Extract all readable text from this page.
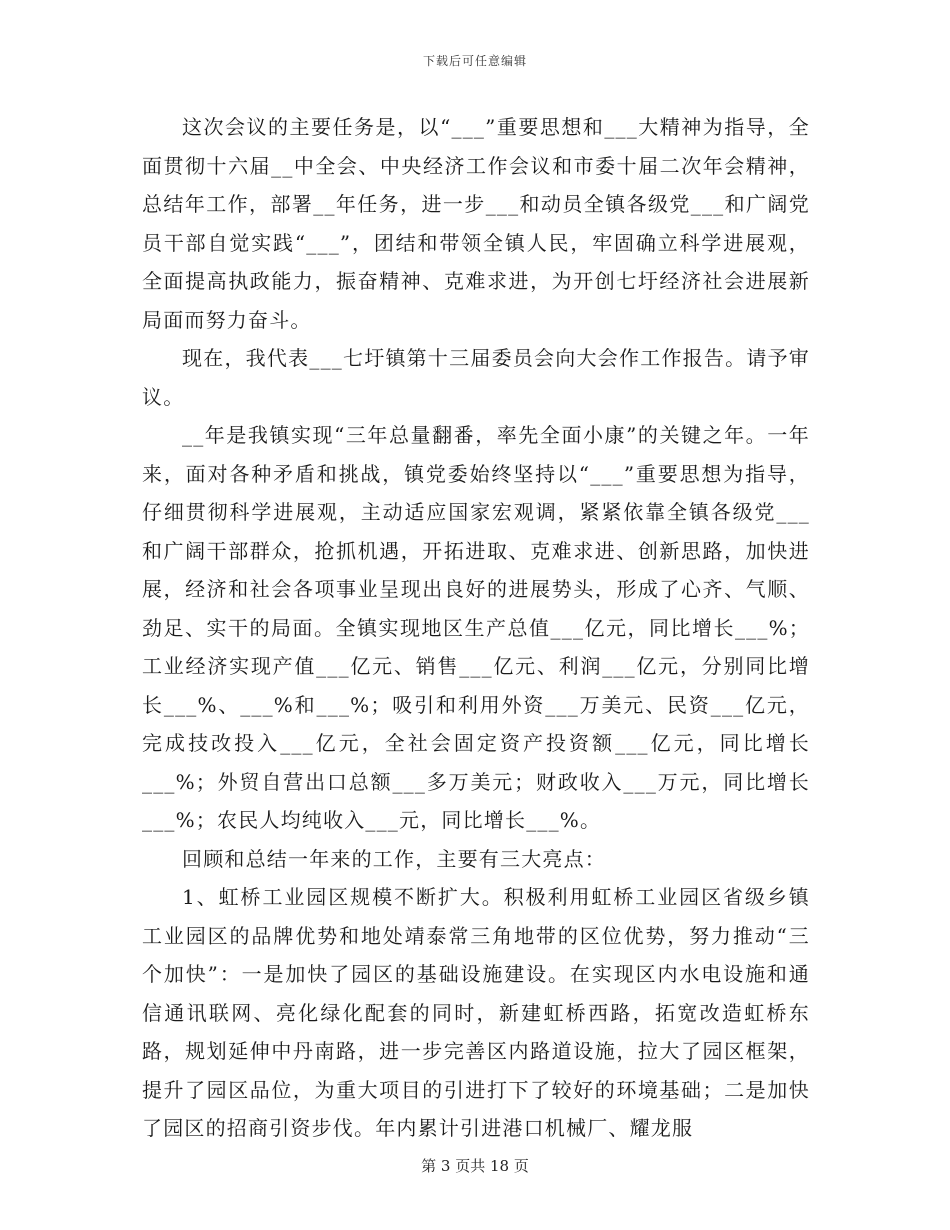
下载后可任意编辑

这次会议的主要任务是，以“___”重要思想和___大精神为指导，全面贯彻十六届__中全会、中央经济工作会议和市委十届二次年会精神，总结年工作，部署__年任务，进一步___和动员全镇各级党___和广阔党员干部自觉实践“___”，团结和带领全镇人民，牢固确立科学进展观，全面提高执政能力，振奋精神、克难求进，为开创七圩经济社会进展新局面而努力奋斗。

现在，我代表___七圩镇第十三届委员会向大会作工作报告。请予审议。

__年是我镇实现“三年总量翻番，率先全面小康”的关键之年。一年来，面对各种矛盾和挑战，镇党委始终坚持以“___”重要思想为指导，仔细贯彻科学进展观，主动适应国家宏观调，紧紧依靠全镇各级党___和广阔干部群众，抢抓机遇，开拓进取、克难求进、创新思路，加快进展，经济和社会各项事业呈现出良好的进展势头，形成了心齐、气顺、劲足、实干的局面。全镇实现地区生产总值___亿元，同比增长___%；工业经济实现产值___亿元、销售___亿元、利润___亿元，分别同比增长___%、___%和___%；吸引和利用外资___万美元、民资___亿元，完成技改投入___亿元，全社会固定资产投资额___亿元，同比增长___%；外贸自营出口总额___多万美元；财政收入___万元，同比增长___%；农民人均纯收入___元，同比增长___%。

回顾和总结一年来的工作，主要有三大亮点：

1、虹桥工业园区规模不断扩大。积极利用虹桥工业园区省级乡镇工业园区的品牌优势和地处靖泰常三角地带的区位优势，努力推动“三个加快”：一是加快了园区的基础设施建设。在实现区内水电设施和通信通讯联网、亮化绿化配套的同时，新建虹桥西路，拓宽改造虹桥东路，规划延伸中丹南路，进一步完善区内路道设施，拉大了园区框架，提升了园区品位，为重大项目的引进打下了较好的环境基础；二是加快了园区的招商引资步伐。年内累计引进港口机械厂、耀龙服

第 3 页共 18 页
